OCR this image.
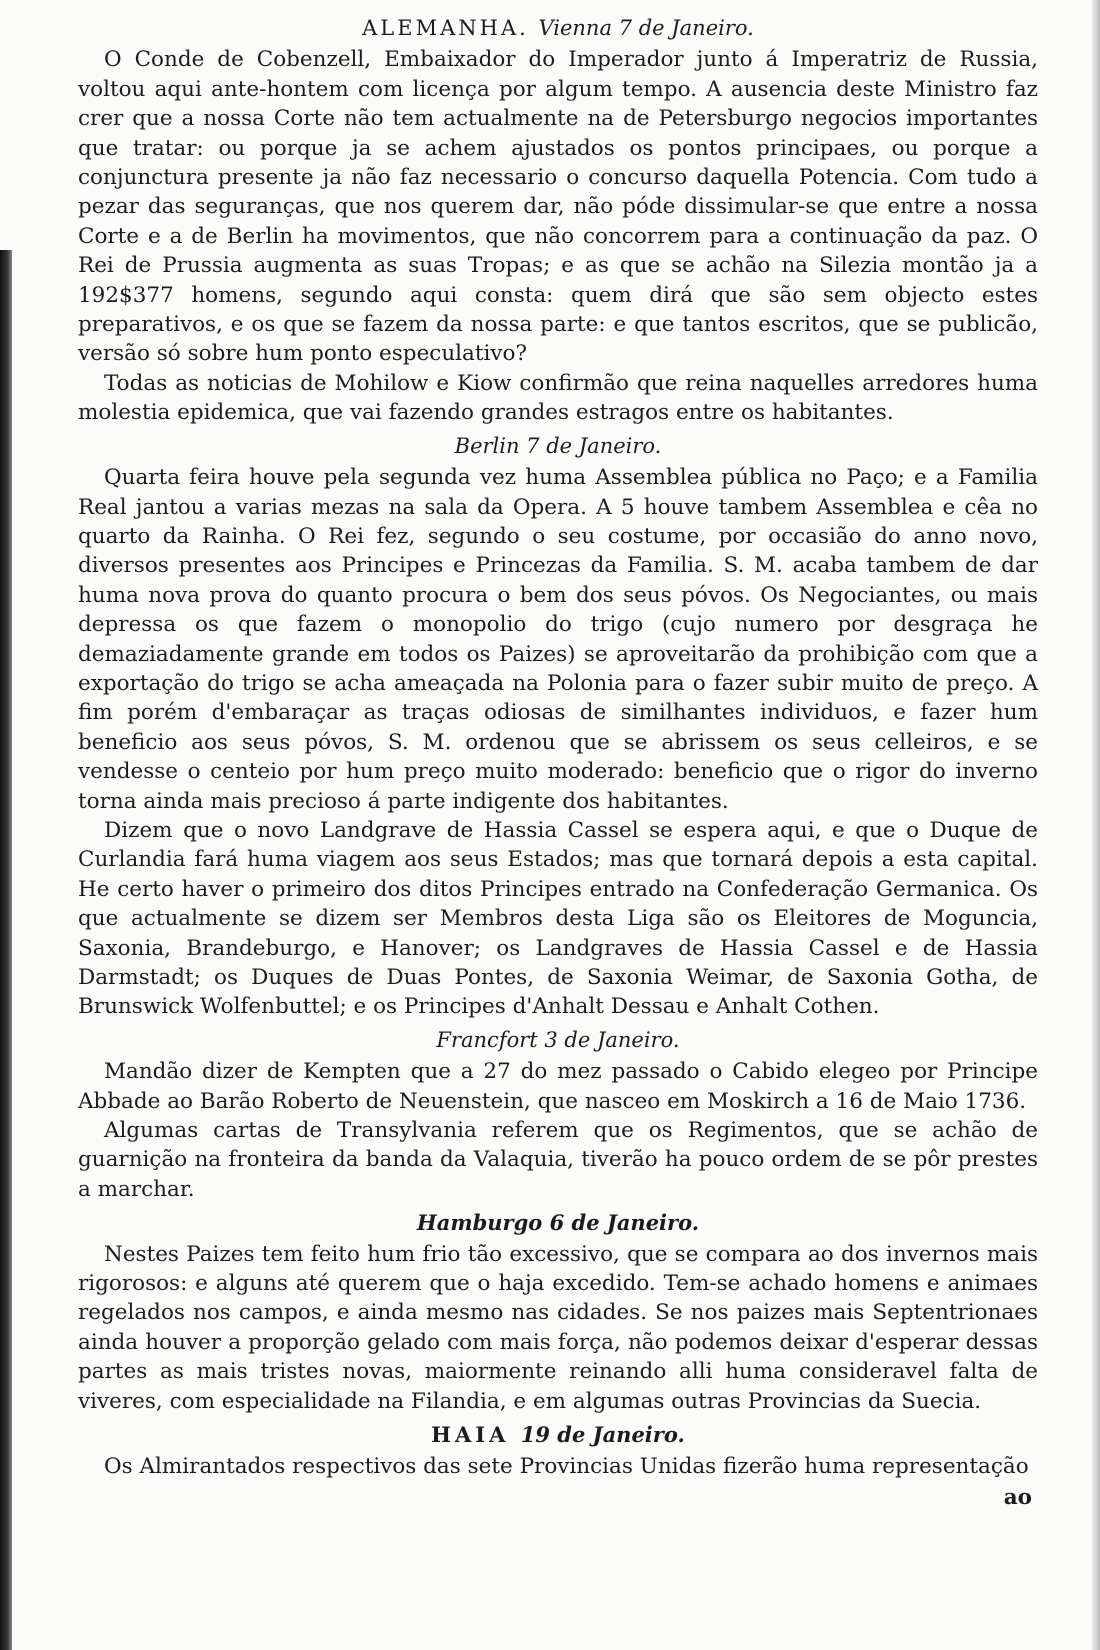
ALEMANHA. Vienna 7 de Janeiro.

O Conde de Cobenzell, Embaixador do Imperador junto á Imperatriz de Russia, voltou aqui ante-hontem com licença por algum tempo. A ausencia deste Ministro faz crer que a nossa Corte não tem actualmente na de Petersburgo negocios importantes que tratar: ou porque ja se achem ajustados os pontos principaes, ou porque a conjunctura presente ja não faz necessario o concurso daquella Potencia. Com tudo a pezar das seguranças, que nos querem dar, não póde dissimular-se que entre a nossa Corte e a de Berlin ha movimentos, que não concorrem para a continuação da paz. O Rei de Prussia augmenta as suas Tropas; e as que se achão na Silezia montão ja a 192$377 homens, segundo aqui consta: quem dirá que são sem objecto estes preparativos, e os que se fazem da nossa parte: e que tantos escritos, que se publicão, versão só sobre hum ponto especulativo?

Todas as noticias de Mohilow e Kiow confirmão que reina naquelles arredores huma molestia epidemica, que vai fazendo grandes estragos entre os habitantes.

Berlin 7 de Janeiro.

Quarta feira houve pela segunda vez huma Assemblea pública no Paço; e a Familia Real jantou a varias mezas na sala da Opera. A 5 houve tambem Assemblea e cêa no quarto da Rainha. O Rei fez, segundo o seu costume, por occasião do anno novo, diversos presentes aos Principes e Princezas da Familia. S. M. acaba tambem de dar huma nova prova do quanto procura o bem dos seus póvos. Os Negociantes, ou mais depressa os que fazem o monopolio do trigo (cujo numero por desgraça he demaziadamente grande em todos os Paizes) se aproveitarão da prohibição com que a exportação do trigo se acha ameaçada na Polonia para o fazer subir muito de preço. A fim porém d'embaraçar as traças odiosas de similhantes individuos, e fazer hum beneficio aos seus póvos, S. M. ordenou que se abrissem os seus celleiros, e se vendesse o centeio por hum preço muito moderado: beneficio que o rigor do inverno torna ainda mais precioso á parte indigente dos habitantes.

Dizem que o novo Landgrave de Hassia Cassel se espera aqui, e que o Duque de Curlandia fará huma viagem aos seus Estados; mas que tornará depois a esta capital. He certo haver o primeiro dos ditos Principes entrado na Confederação Germanica. Os que actualmente se dizem ser Membros desta Liga são os Eleitores de Moguncia, Saxonia, Brandeburgo, e Hanover; os Landgraves de Hassia Cassel e de Hassia Darmstadt; os Duques de Duas Pontes, de Saxonia Weimar, de Saxonia Gotha, de Brunswick Wolfenbuttel; e os Principes d'Anhalt Dessau e Anhalt Cothen.

Francfort 3 de Janeiro.

Mandão dizer de Kempten que a 27 do mez passado o Cabido elegeo por Principe Abbade ao Barão Roberto de Neuenstein, que nasceo em Moskirch a 16 de Maio 1736.

Algumas cartas de Transylvania referem que os Regimentos, que se achão de guarnição na fronteira da banda da Valaquia, tiverão ha pouco ordem de se pôr prestes a marchar.

Hamburgo 6 de Janeiro.

Nestes Paizes tem feito hum frio tão excessivo, que se compara ao dos invernos mais rigorosos: e alguns até querem que o haja excedido. Tem-se achado homens e animaes regelados nos campos, e ainda mesmo nas cidades. Se nos paizes mais Septentrionaes ainda houver a proporção gelado com mais força, não podemos deixar d'esperar dessas partes as mais tristes novas, maiormente reinando alli huma consideravel falta de viveres, com especialidade na Filandia, e em algumas outras Provincias da Suecia.

HAIA 19 de Janeiro.

Os Almirantados respectivos das sete Provincias Unidas fizerão huma representação

ao
